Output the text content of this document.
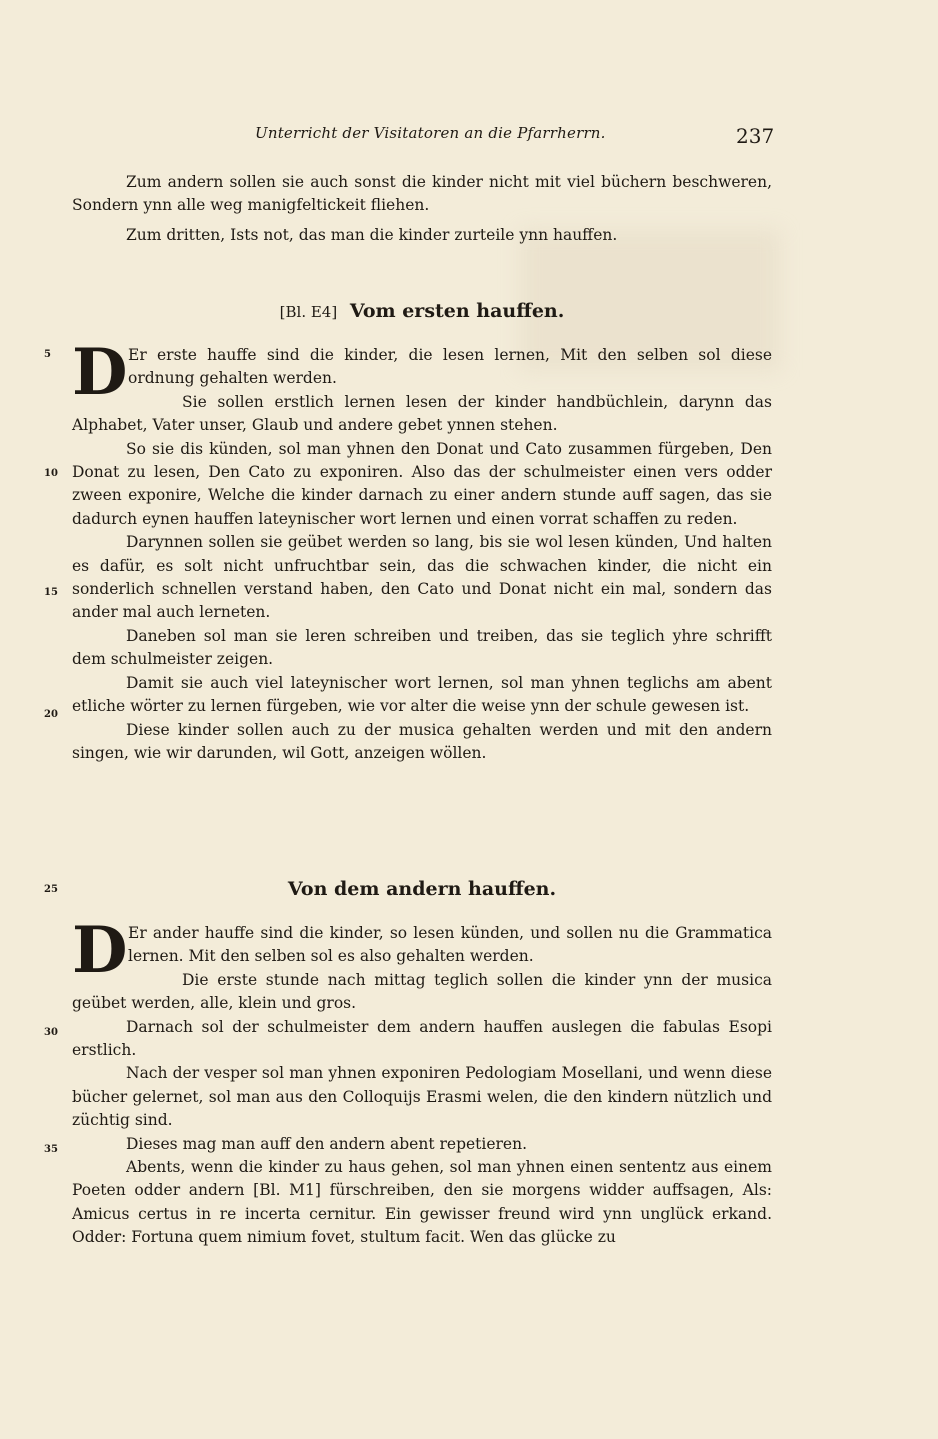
Unterricht der Visitatoren an die Pfarrherrn.	237

Zum andern sollen sie auch sonst die kinder nicht mit viel büchern beschweren, Sondern ynn alle weg manigfeltickeit fliehen.

Zum dritten, Ists not, das man die kinder zurteile ynn hauffen.

[Bl. E4] Vom ersten hauffen.

D Er erste hauffe sind die kinder, die lesen lernen, Mit den selben sol diese ordnung gehalten werden.

Sie sollen erstlich lernen lesen der kinder handbüchlein, darynn das Alphabet, Vater unser, Glaub und andere gebet ynnen stehen.

So sie dis künden, sol man yhnen den Donat und Cato zusammen fürgeben, Den Donat zu lesen, Den Cato zu exponiren. Also das der schulmeister einen vers odder zween exponire, Welche die kinder darnach zu einer andern stunde auff sagen, das sie dadurch eynen hauffen lateynischer wort lernen und einen vorrat schaffen zu reden.

Darynnen sollen sie geübet werden so lang, bis sie wol lesen künden, Und halten es dafür, es solt nicht unfruchtbar sein, das die schwachen kinder, die nicht ein sonderlich schnellen verstand haben, den Cato und Donat nicht ein mal, sondern das ander mal auch lerneten.

Daneben sol man sie leren schreiben und treiben, das sie teglich yhre schrifft dem schulmeister zeigen.

Damit sie auch viel lateynischer wort lernen, sol man yhnen teglichs am abent etliche wörter zu lernen fürgeben, wie vor alter die weise ynn der schule gewesen ist.

Diese kinder sollen auch zu der musica gehalten werden und mit den andern singen, wie wir darunden, wil Gott, anzeigen wöllen.

Von dem andern hauffen.

D Er ander hauffe sind die kinder, so lesen künden, und sollen nu die Grammatica lernen. Mit den selben sol es also gehalten werden.

Die erste stunde nach mittag teglich sollen die kinder ynn der musica geübet werden, alle, klein und gros.

Darnach sol der schulmeister dem andern hauffen auslegen die fabulas Esopi erstlich.

Nach der vesper sol man yhnen exponiren Pedologiam Mosellani, und wenn diese bücher gelernet, sol man aus den Colloquijs Erasmi welen, die den kindern nützlich und züchtig sind.

Dieses mag man auff den andern abent repetieren.

Abents, wenn die kinder zu haus gehen, sol man yhnen einen sententz aus einem Poeten odder andern [Bl. M1] fürschreiben, den sie morgens widder auffsagen, Als: Amicus certus in re incerta cernitur. Ein gewisser freund wird ynn unglück erkand. Odder: Fortuna quem nimium fovet, stultum facit. Wen das glücke zu

5
10
15
20
25
30
35
